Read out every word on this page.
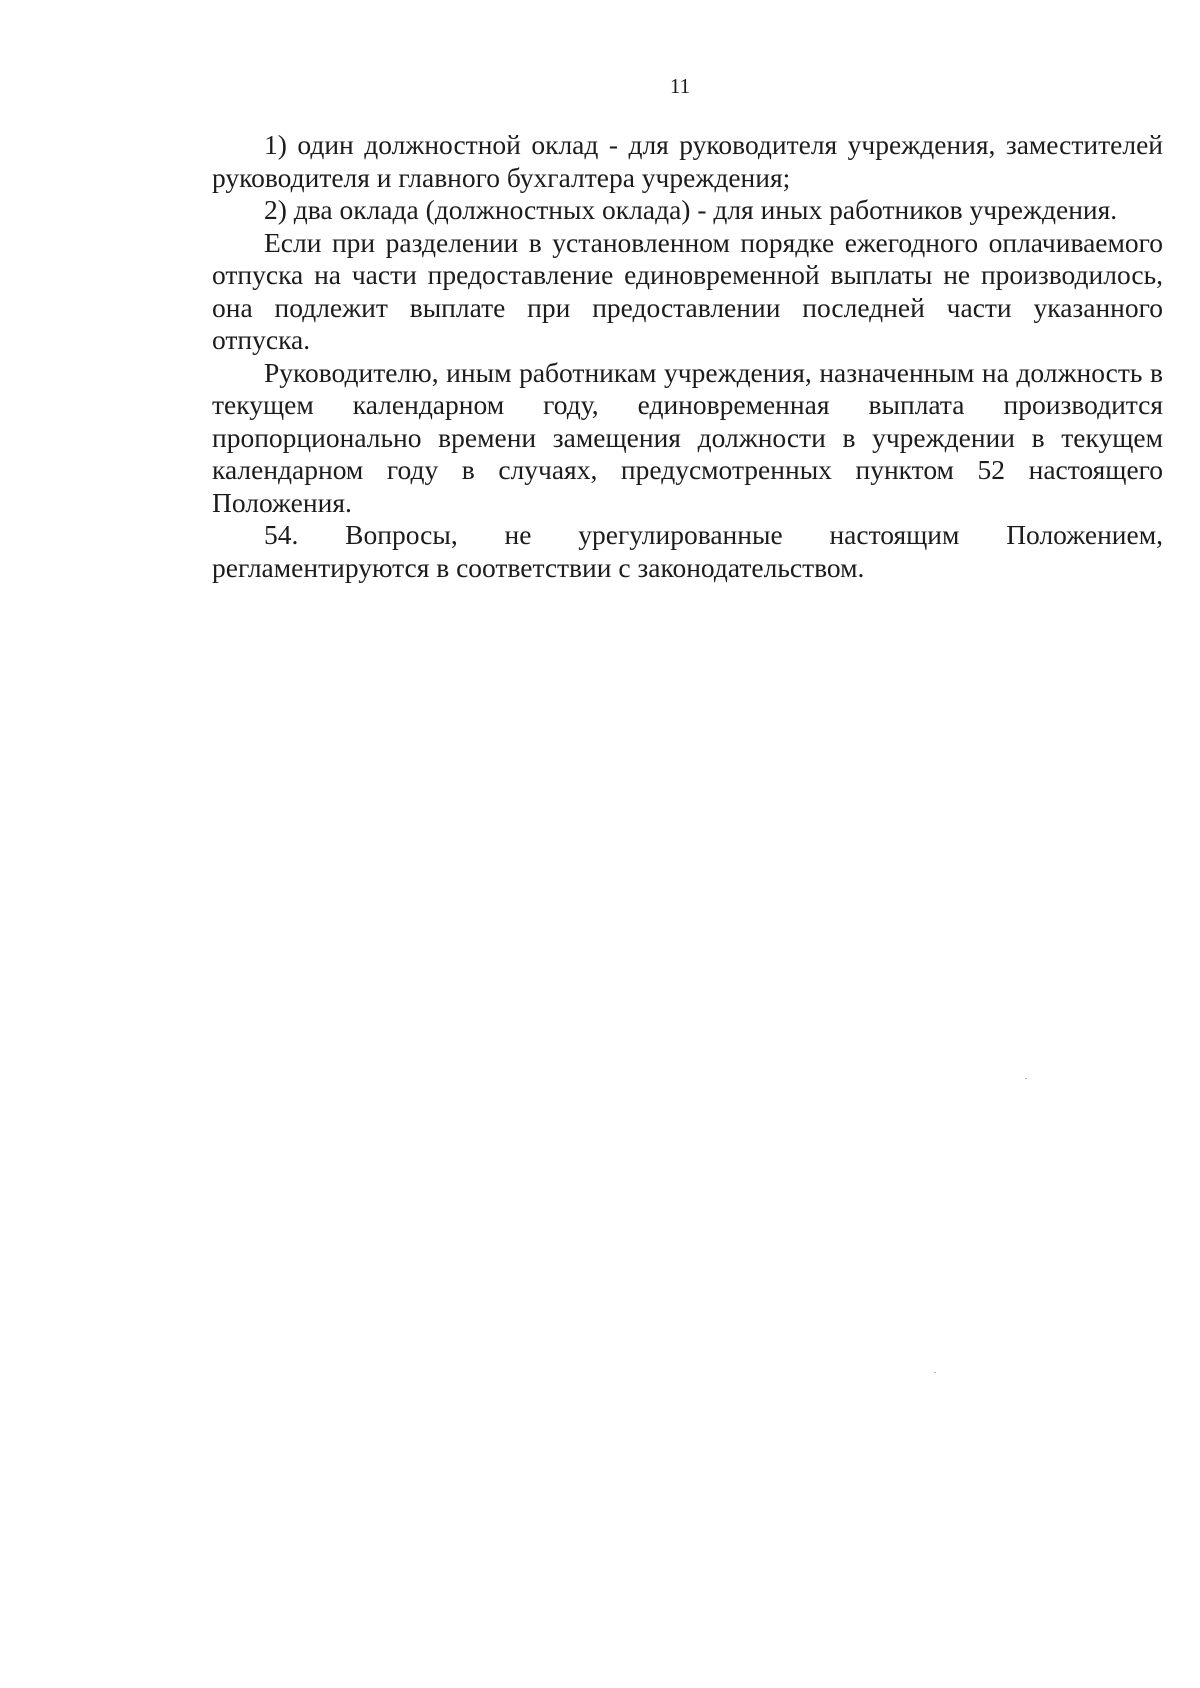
11

1) один должностной оклад - для руководителя учреждения, заместителей руководителя и главного бухгалтера учреждения;

2) два оклада (должностных оклада) - для иных работников учреждения.

Если при разделении в установленном порядке ежегодного оплачиваемого отпуска на части предоставление единовременной выплаты не производилось, она подлежит выплате при предоставлении последней части указанного отпуска.

Руководителю, иным работникам учреждения, назначенным на должность в текущем календарном году, единовременная выплата производится пропорционально времени замещения должности в учреждении в текущем календарном году в случаях, предусмотренных пунктом 52 настоящего Положения.

54. Вопросы, не урегулированные настоящим Положением, регламентируются в соответствии с законодательством.
